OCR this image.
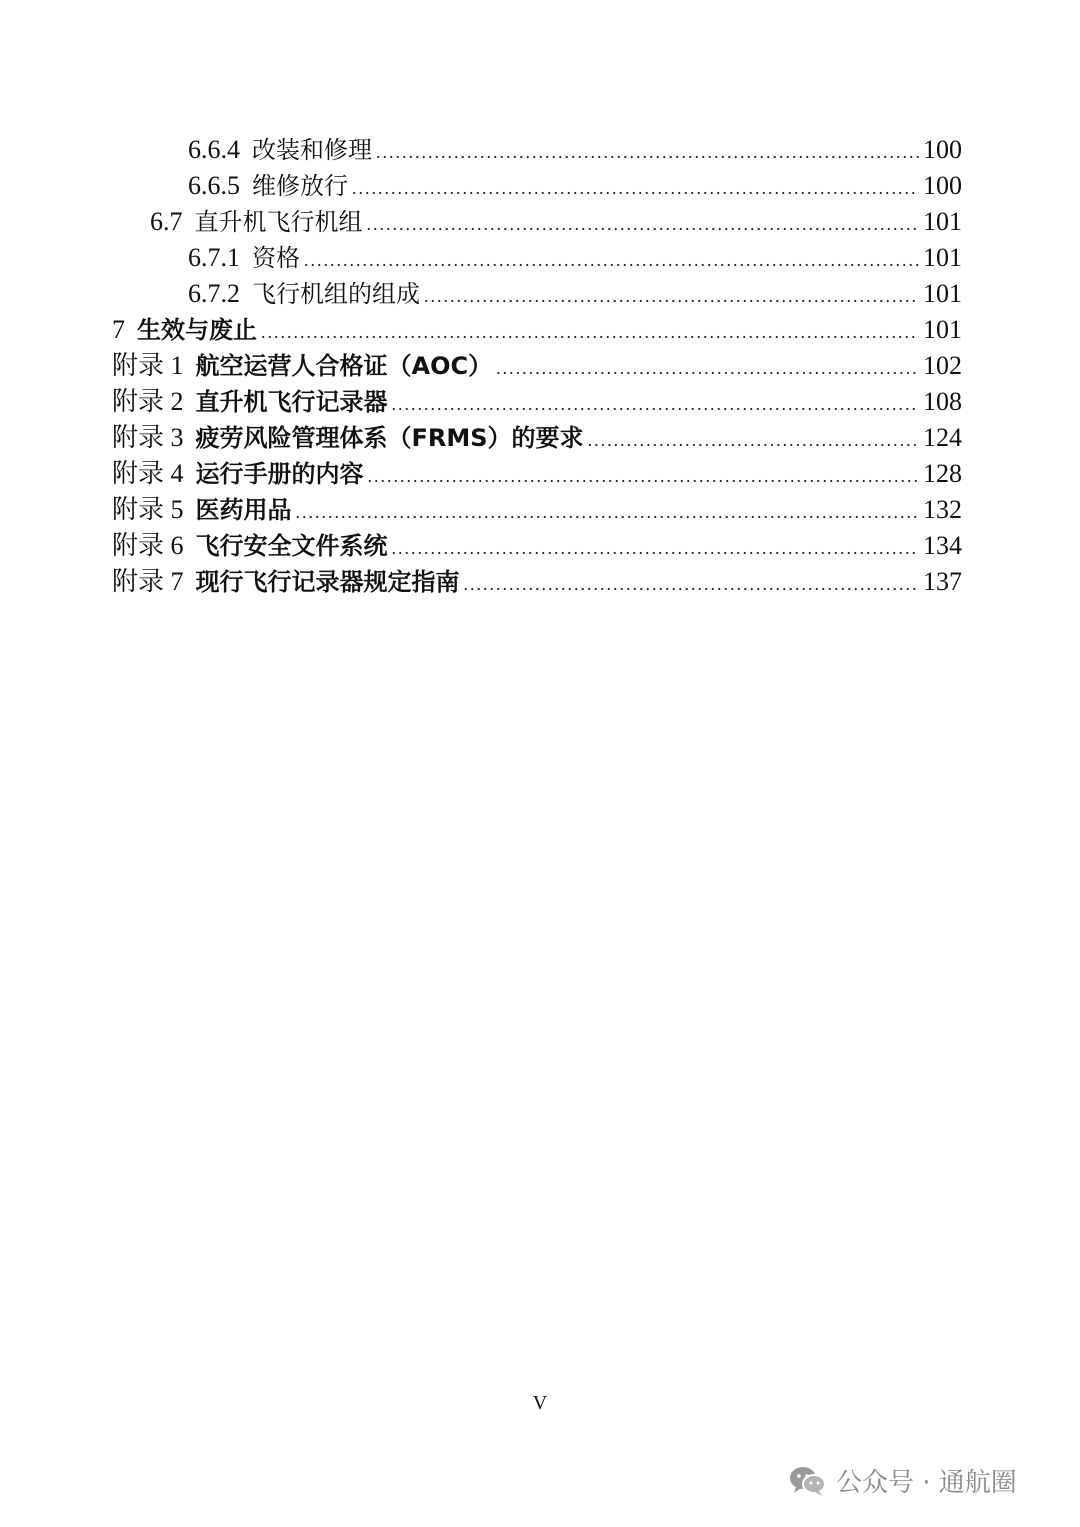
6.6.4 改装和修理 .....	100
6.6.5 维修放行 .....	100
6.7 直升机飞行机组 .....	101
6.7.1 资格 .....	101
6.7.2 飞行机组的组成 .....	101
7 生效与废止 .....	101
附录 1 航空运营人合格证（AOC） .....	102
附录 2 直升机飞行记录器 .....	108
附录 3 疲劳风险管理体系（FRMS）的要求 .....	124
附录 4 运行手册的内容 .....	128
附录 5 医药用品 .....	132
附录 6 飞行安全文件系统 .....	134
附录 7 现行飞行记录器规定指南 .....	137
V
公众号 · 通航圈
